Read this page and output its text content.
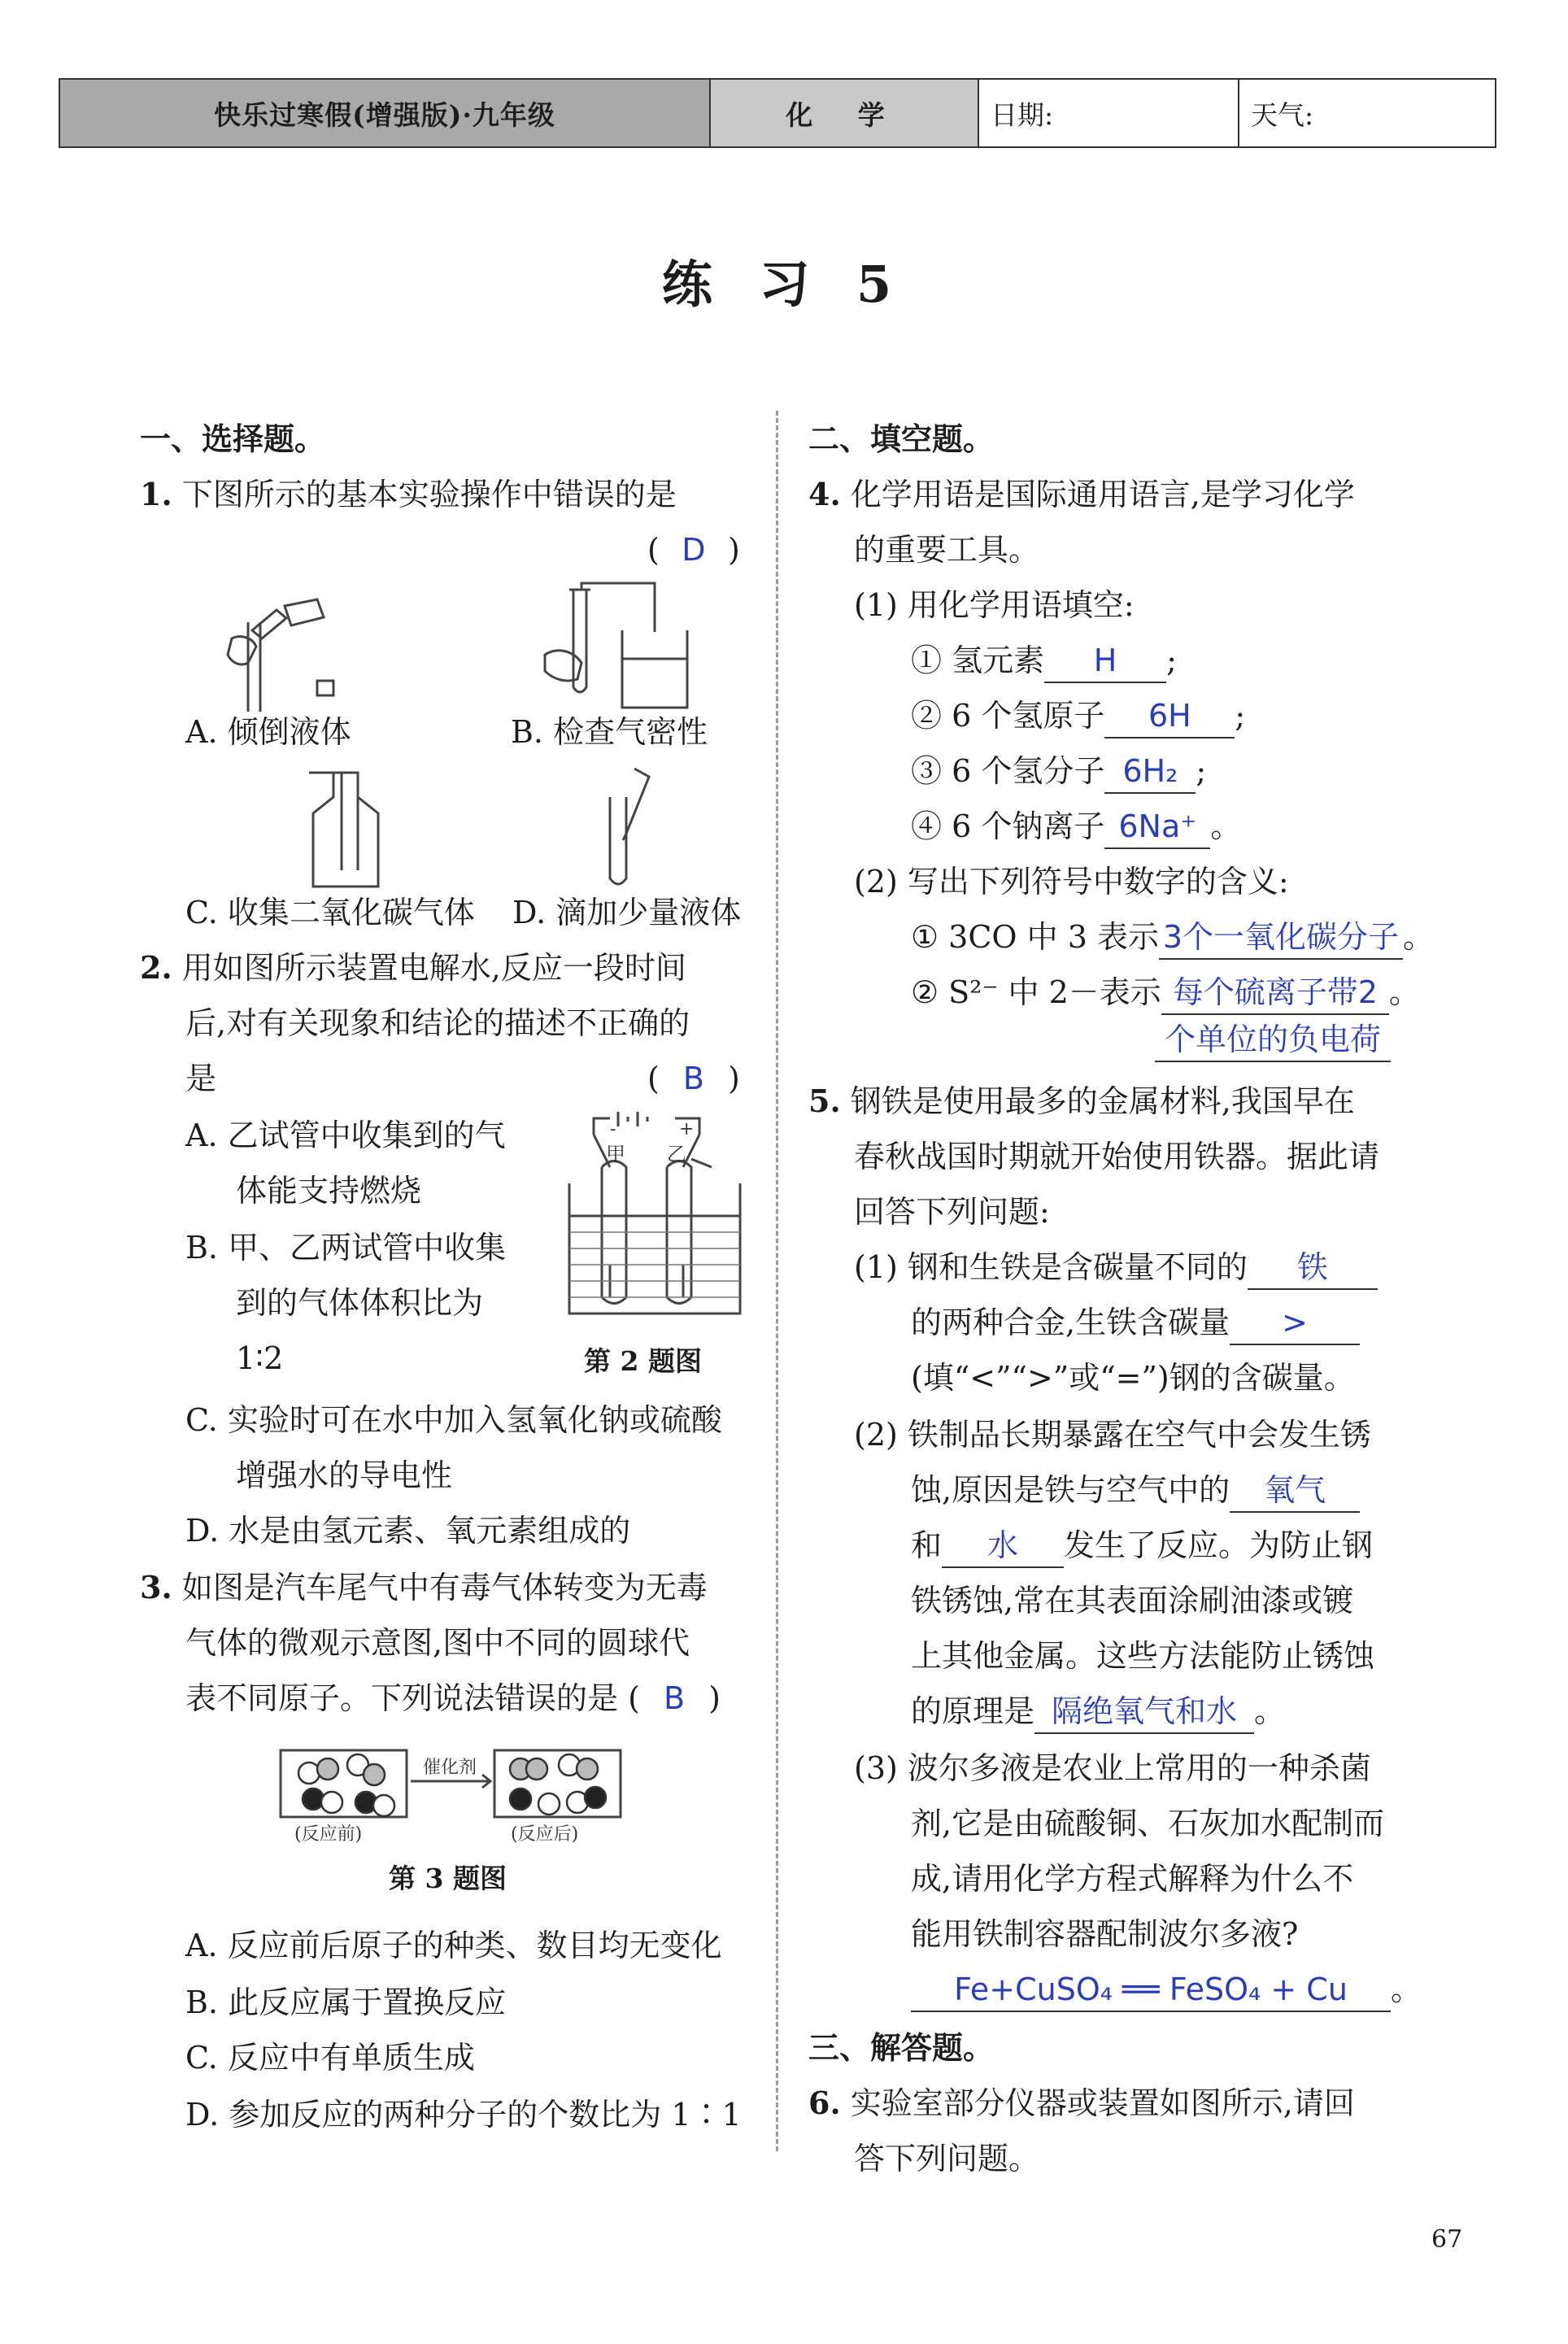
快乐过寒假(增强版)·九年级	化 学	日期:	天气:
练 习 5
一、选择题。
1. 下图所示的基本实验操作中错误的是
( D )
A. 倾倒液体	B. 检查气密性
C. 收集二氧化碳气体 D. 滴加少量液体
2. 用如图所示装置电解水,反应一段时间
后,对有关现象和结论的描述不正确的
是	( B )
A. 乙试管中收集到的气
体能支持燃烧
B. 甲、乙两试管中收集
到的气体体积比为
1∶2
-	+
甲 乙
第 2 题图
C. 实验时可在水中加入氢氧化钠或硫酸
增强水的导电性
D. 水是由氢元素、氧元素组成的
3. 如图是汽车尾气中有毒气体转变为无毒
气体的微观示意图,图中不同的圆球代
表不同原子。下列说法错误的是 ( B )
催化剂
(反应前)	(反应后)
第 3 题图
A. 反应前后原子的种类、数目均无变化
B. 此反应属于置换反应
C. 反应中有单质生成
D. 参加反应的两种分子的个数比为 1∶1
二、填空题。
4. 化学用语是国际通用语言,是学习化学
的重要工具。
(1) 用化学用语填空:
① 氢元素 H ;
② 6 个氢原子 6H ;
③ 6 个氢分子 6H₂ ;
④ 6 个钠离子 6Na⁺ 。
(2) 写出下列符号中数字的含义:
① 3CO 中 3 表示 3个一氧化碳分子 。
② S²⁻ 中 2－表示 每个硫离子带2 。
个单位的负电荷
5. 钢铁是使用最多的金属材料,我国早在
春秋战国时期就开始使用铁器。据此请
回答下列问题:
(1) 钢和生铁是含碳量不同的 铁
的两种合金,生铁含碳量 >
(填“<”“>”或“=”)钢的含碳量。
(2) 铁制品长期暴露在空气中会发生锈
蚀,原因是铁与空气中的 氧气
和 水 发生了反应。为防止钢
铁锈蚀,常在其表面涂刷油漆或镀
上其他金属。这些方法能防止锈蚀
的原理是 隔绝氧气和水 。
(3) 波尔多液是农业上常用的一种杀菌
剂,它是由硫酸铜、石灰加水配制而
成,请用化学方程式解释为什么不
能用铁制容器配制波尔多液?
Fe+CuSO₄ ══ FeSO₄ + Cu 。
三、解答题。
6. 实验室部分仪器或装置如图所示,请回
答下列问题。
67
